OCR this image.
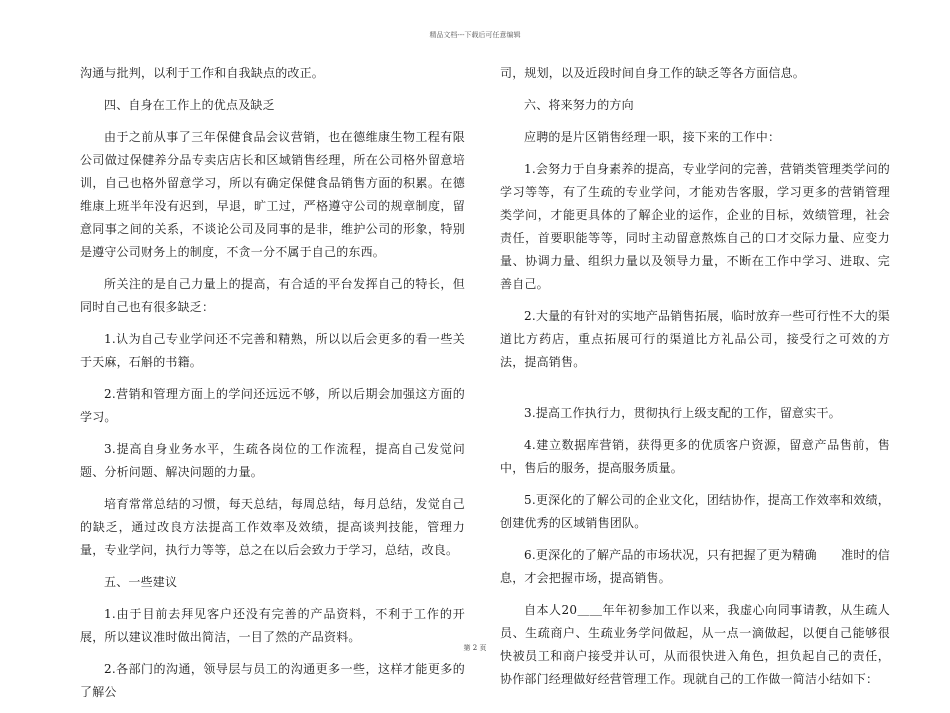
精品文档---下载后可任意编辑

沟通与批判，以利于工作和自我缺点的改正。

四、自身在工作上的优点及缺乏

由于之前从事了三年保健食品会议营销，也在德维康生物工程有限公司做过保健养分品专卖店店长和区域销售经理，所在公司格外留意培训，自己也格外留意学习，所以有确定保健食品销售方面的积累。在德维康上班半年没有迟到，早退，旷工过，严格遵守公司的规章制度，留意同事之间的关系，不谈论公司及同事的是非，维护公司的形象，特别是遵守公司财务上的制度，不贪一分不属于自己的东西。

所关注的是自己力量上的提高，有合适的平台发挥自己的特长，但同时自己也有很多缺乏：

1.认为自己专业学问还不完善和精熟，所以以后会更多的看一些关于天麻，石斛的书籍。

2.营销和管理方面上的学问还远远不够，所以后期会加强这方面的学习。

3.提高自身业务水平，生疏各岗位的工作流程，提高自己发觉问题、分析问题、解决问题的力量。

培育常常总结的习惯，每天总结，每周总结，每月总结，发觉自己的缺乏，通过改良方法提高工作效率及效绩，提高谈判技能，管理力量，专业学问，执行力等等，总之在以后会致力于学习，总结，改良。

五、一些建议

1.由于目前去拜见客户还没有完善的产品资料，不利于工作的开展，所以建议准时做出简洁，一目了然的产品资料。

2.各部门的沟通，领导层与员工的沟通更多一些，这样才能更多的了解公

司，规划，以及近段时间自身工作的缺乏等各方面信息。

六、将来努力的方向

应聘的是片区销售经理一职，接下来的工作中：

1.会努力于自身素养的提高，专业学问的完善，营销类管理类学问的学习等等，有了生疏的专业学问，才能劝告客服，学习更多的营销管理类学问，才能更具体的了解企业的运作，企业的目标，效绩管理，社会责任，首要职能等等，同时主动留意熬炼自己的口才交际力量、应变力量、协调力量、组织力量以及领导力量，不断在工作中学习、进取、完善自己。

2.大量的有针对的实地产品销售拓展，临时放弃一些可行性不大的渠道比方药店，重点拓展可行的渠道比方礼品公司，接受行之可效的方法，提高销售。

3.提高工作执行力，贯彻执行上级支配的工作，留意实干。

4.建立数据库营销，获得更多的优质客户资源，留意产品售前，售中，售后的服务，提高服务质量。

5.更深化的了解公司的企业文化，团结协作，提高工作效率和效绩，创建优秀的区域销售团队。

6.更深化的了解产品的市场状况，只有把握了更为精确　　准时的信息，才会把握市场，提高销售。

自本人20＿＿年年初参加工作以来，我虚心向同事请教，从生疏人员、生疏商户、生疏业务学问做起，从一点一滴做起，以便自己能够很快被员工和商户接受并认可，从而很快进入角色，担负起自己的责任，协作部门经理做好经营管理工作。现就自己的工作做一简洁小结如下：

第 2 页
